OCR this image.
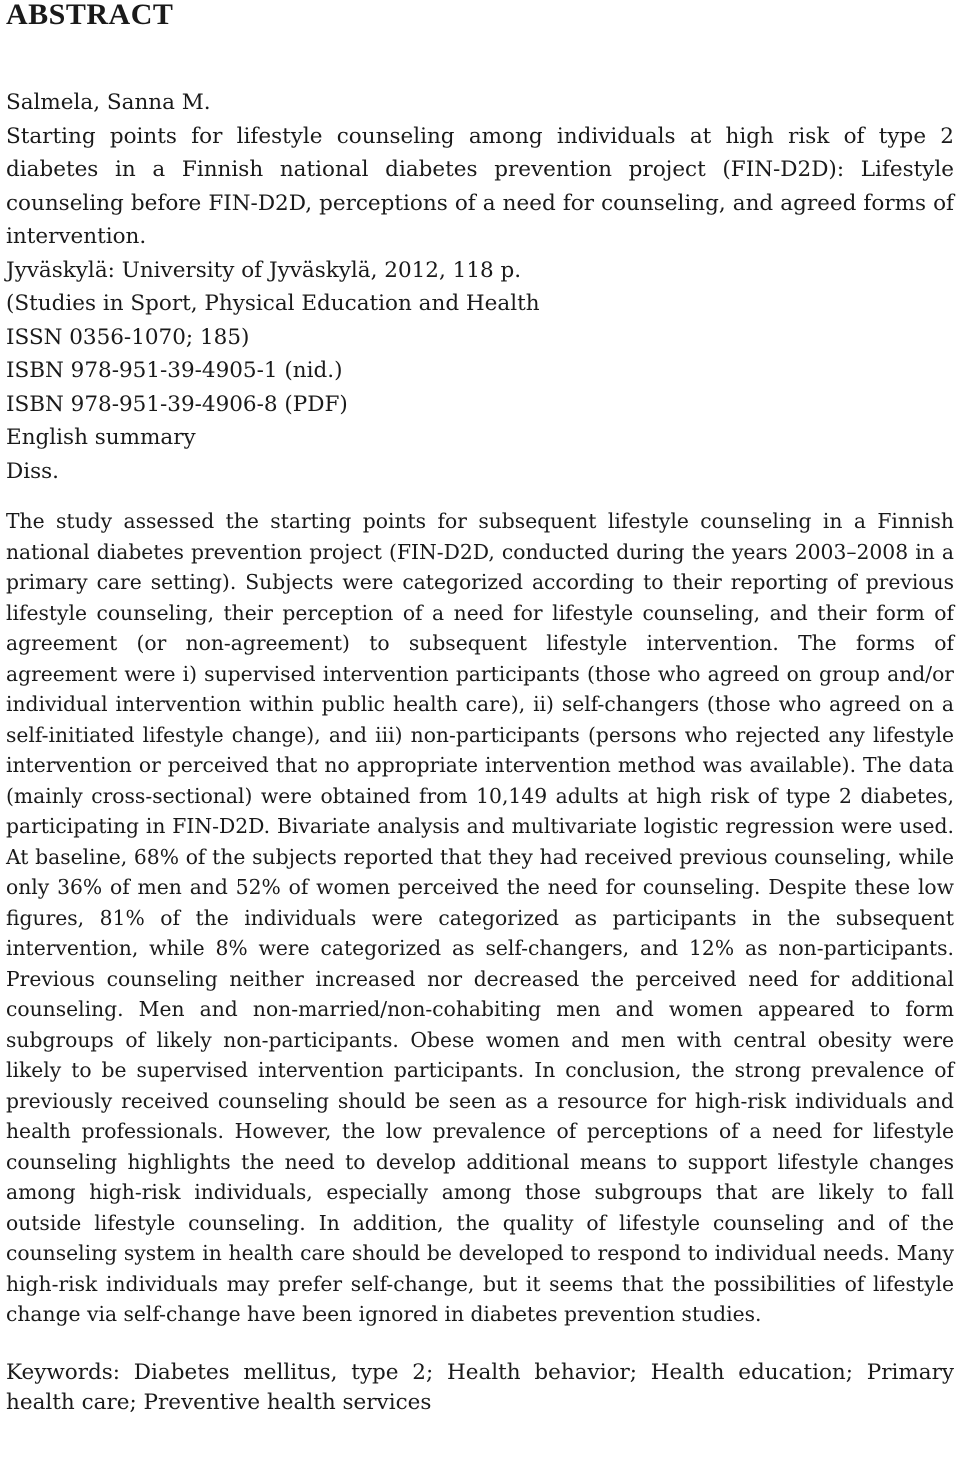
ABSTRACT
Salmela, Sanna M.
Starting points for lifestyle counseling among individuals at high risk of type 2 diabetes in a Finnish national diabetes prevention project (FIN-D2D): Lifestyle counseling before FIN-D2D, perceptions of a need for counseling, and agreed forms of intervention.
Jyväskylä: University of Jyväskylä, 2012, 118 p.
(Studies in Sport, Physical Education and Health
ISSN 0356-1070; 185)
ISBN 978-951-39-4905-1 (nid.)
ISBN 978-951-39-4906-8 (PDF)
English summary
Diss.

The study assessed the starting points for subsequent lifestyle counseling in a Finnish national diabetes prevention project (FIN-D2D, conducted during the years 2003–2008 in a primary care setting). Subjects were categorized according to their reporting of previous lifestyle counseling, their perception of a need for lifestyle counseling, and their form of agreement (or non-agreement) to subsequent lifestyle intervention. The forms of agreement were i) supervised intervention participants (those who agreed on group and/or individual intervention within public health care), ii) self-changers (those who agreed on a self-initiated lifestyle change), and iii) non-participants (persons who rejected any lifestyle intervention or perceived that no appropriate intervention method was available). The data (mainly cross-sectional) were obtained from 10,149 adults at high risk of type 2 diabetes, participating in FIN-D2D. Bivariate analysis and multivariate logistic regression were used. At baseline, 68% of the subjects reported that they had received previous counseling, while only 36% of men and 52% of women perceived the need for counseling. Despite these low figures, 81% of the individuals were categorized as participants in the subsequent intervention, while 8% were categorized as self-changers, and 12% as non-participants. Previous counseling neither increased nor decreased the perceived need for additional counseling. Men and non-married/non-cohabiting men and women appeared to form subgroups of likely non-participants. Obese women and men with central obesity were likely to be supervised intervention participants. In conclusion, the strong prevalence of previously received counseling should be seen as a resource for high-risk individuals and health professionals. However, the low prevalence of perceptions of a need for lifestyle counseling highlights the need to develop additional means to support lifestyle changes among high-risk individuals, especially among those subgroups that are likely to fall outside lifestyle counseling. In addition, the quality of lifestyle counseling and of the counseling system in health care should be developed to respond to individual needs. Many high-risk individuals may prefer self-change, but it seems that the possibilities of lifestyle change via self-change have been ignored in diabetes prevention studies.

Keywords: Diabetes mellitus, type 2; Health behavior; Health education; Primary health care; Preventive health services
